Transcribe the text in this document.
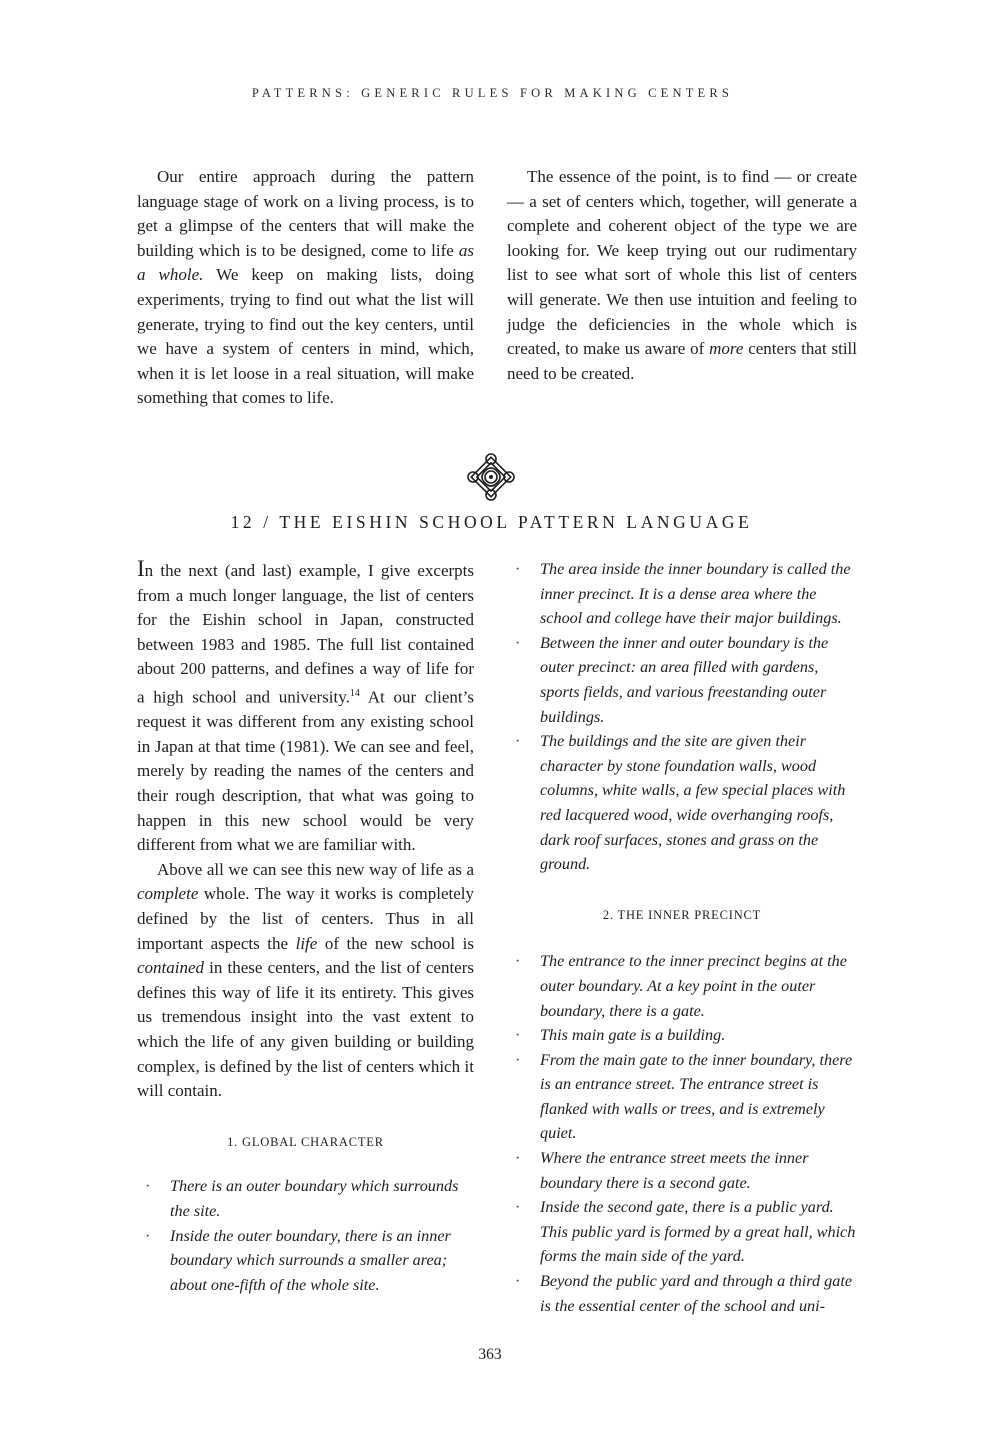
PATTERNS: GENERIC RULES FOR MAKING CENTERS

Our entire approach during the pattern language stage of work on a living process, is to get a glimpse of the centers that will make the building which is to be designed, come to life as a whole. We keep on making lists, doing experiments, trying to find out what the list will generate, trying to find out the key centers, until we have a system of centers in mind, which, when it is let loose in a real situation, will make something that comes to life.

The essence of the point, is to find — or create — a set of centers which, together, will generate a complete and coherent object of the type we are looking for. We keep trying out our rudimentary list to see what sort of whole this list of centers will generate. We then use intuition and feeling to judge the deficiencies in the whole which is created, to make us aware of more centers that still need to be created.

12 / THE EISHIN SCHOOL PATTERN LANGUAGE

In the next (and last) example, I give excerpts from a much longer language, the list of centers for the Eishin school in Japan, constructed between 1983 and 1985. The full list contained about 200 patterns, and defines a way of life for a high school and university.$^{14}$ At our client’s request it was different from any existing school in Japan at that time (1981). We can see and feel, merely by reading the names of the centers and their rough description, that what was going to happen in this new school would be very different from what we are familiar with.

Above all we can see this new way of life as a complete whole. The way it works is completely defined by the list of centers. Thus in all important aspects the life of the new school is contained in these centers, and the list of centers defines this way of life it its entirety. This gives us tremendous insight into the vast extent to which the life of any given building or building complex, is defined by the list of centers which it will contain.

1. GLOBAL CHARACTER

· There is an outer boundary which surrounds the site.
· Inside the outer boundary, there is an inner boundary which surrounds a smaller area; about one-fifth of the whole site.
· The area inside the inner boundary is called the inner precinct. It is a dense area where the school and college have their major buildings.
· Between the inner and outer boundary is the outer precinct: an area filled with gardens, sports fields, and various freestanding outer buildings.
· The buildings and the site are given their character by stone foundation walls, wood columns, white walls, a few special places with red lacquered wood, wide overhanging roofs, dark roof surfaces, stones and grass on the ground.

2. THE INNER PRECINCT

· The entrance to the inner precinct begins at the outer boundary. At a key point in the outer boundary, there is a gate.
· This main gate is a building.
· From the main gate to the inner boundary, there is an entrance street. The entrance street is flanked with walls or trees, and is extremely quiet.
· Where the entrance street meets the inner boundary there is a second gate.
· Inside the second gate, there is a public yard. This public yard is formed by a great hall, which forms the main side of the yard.
· Beyond the public yard and through a third gate is the essential center of the school and uni-
363
